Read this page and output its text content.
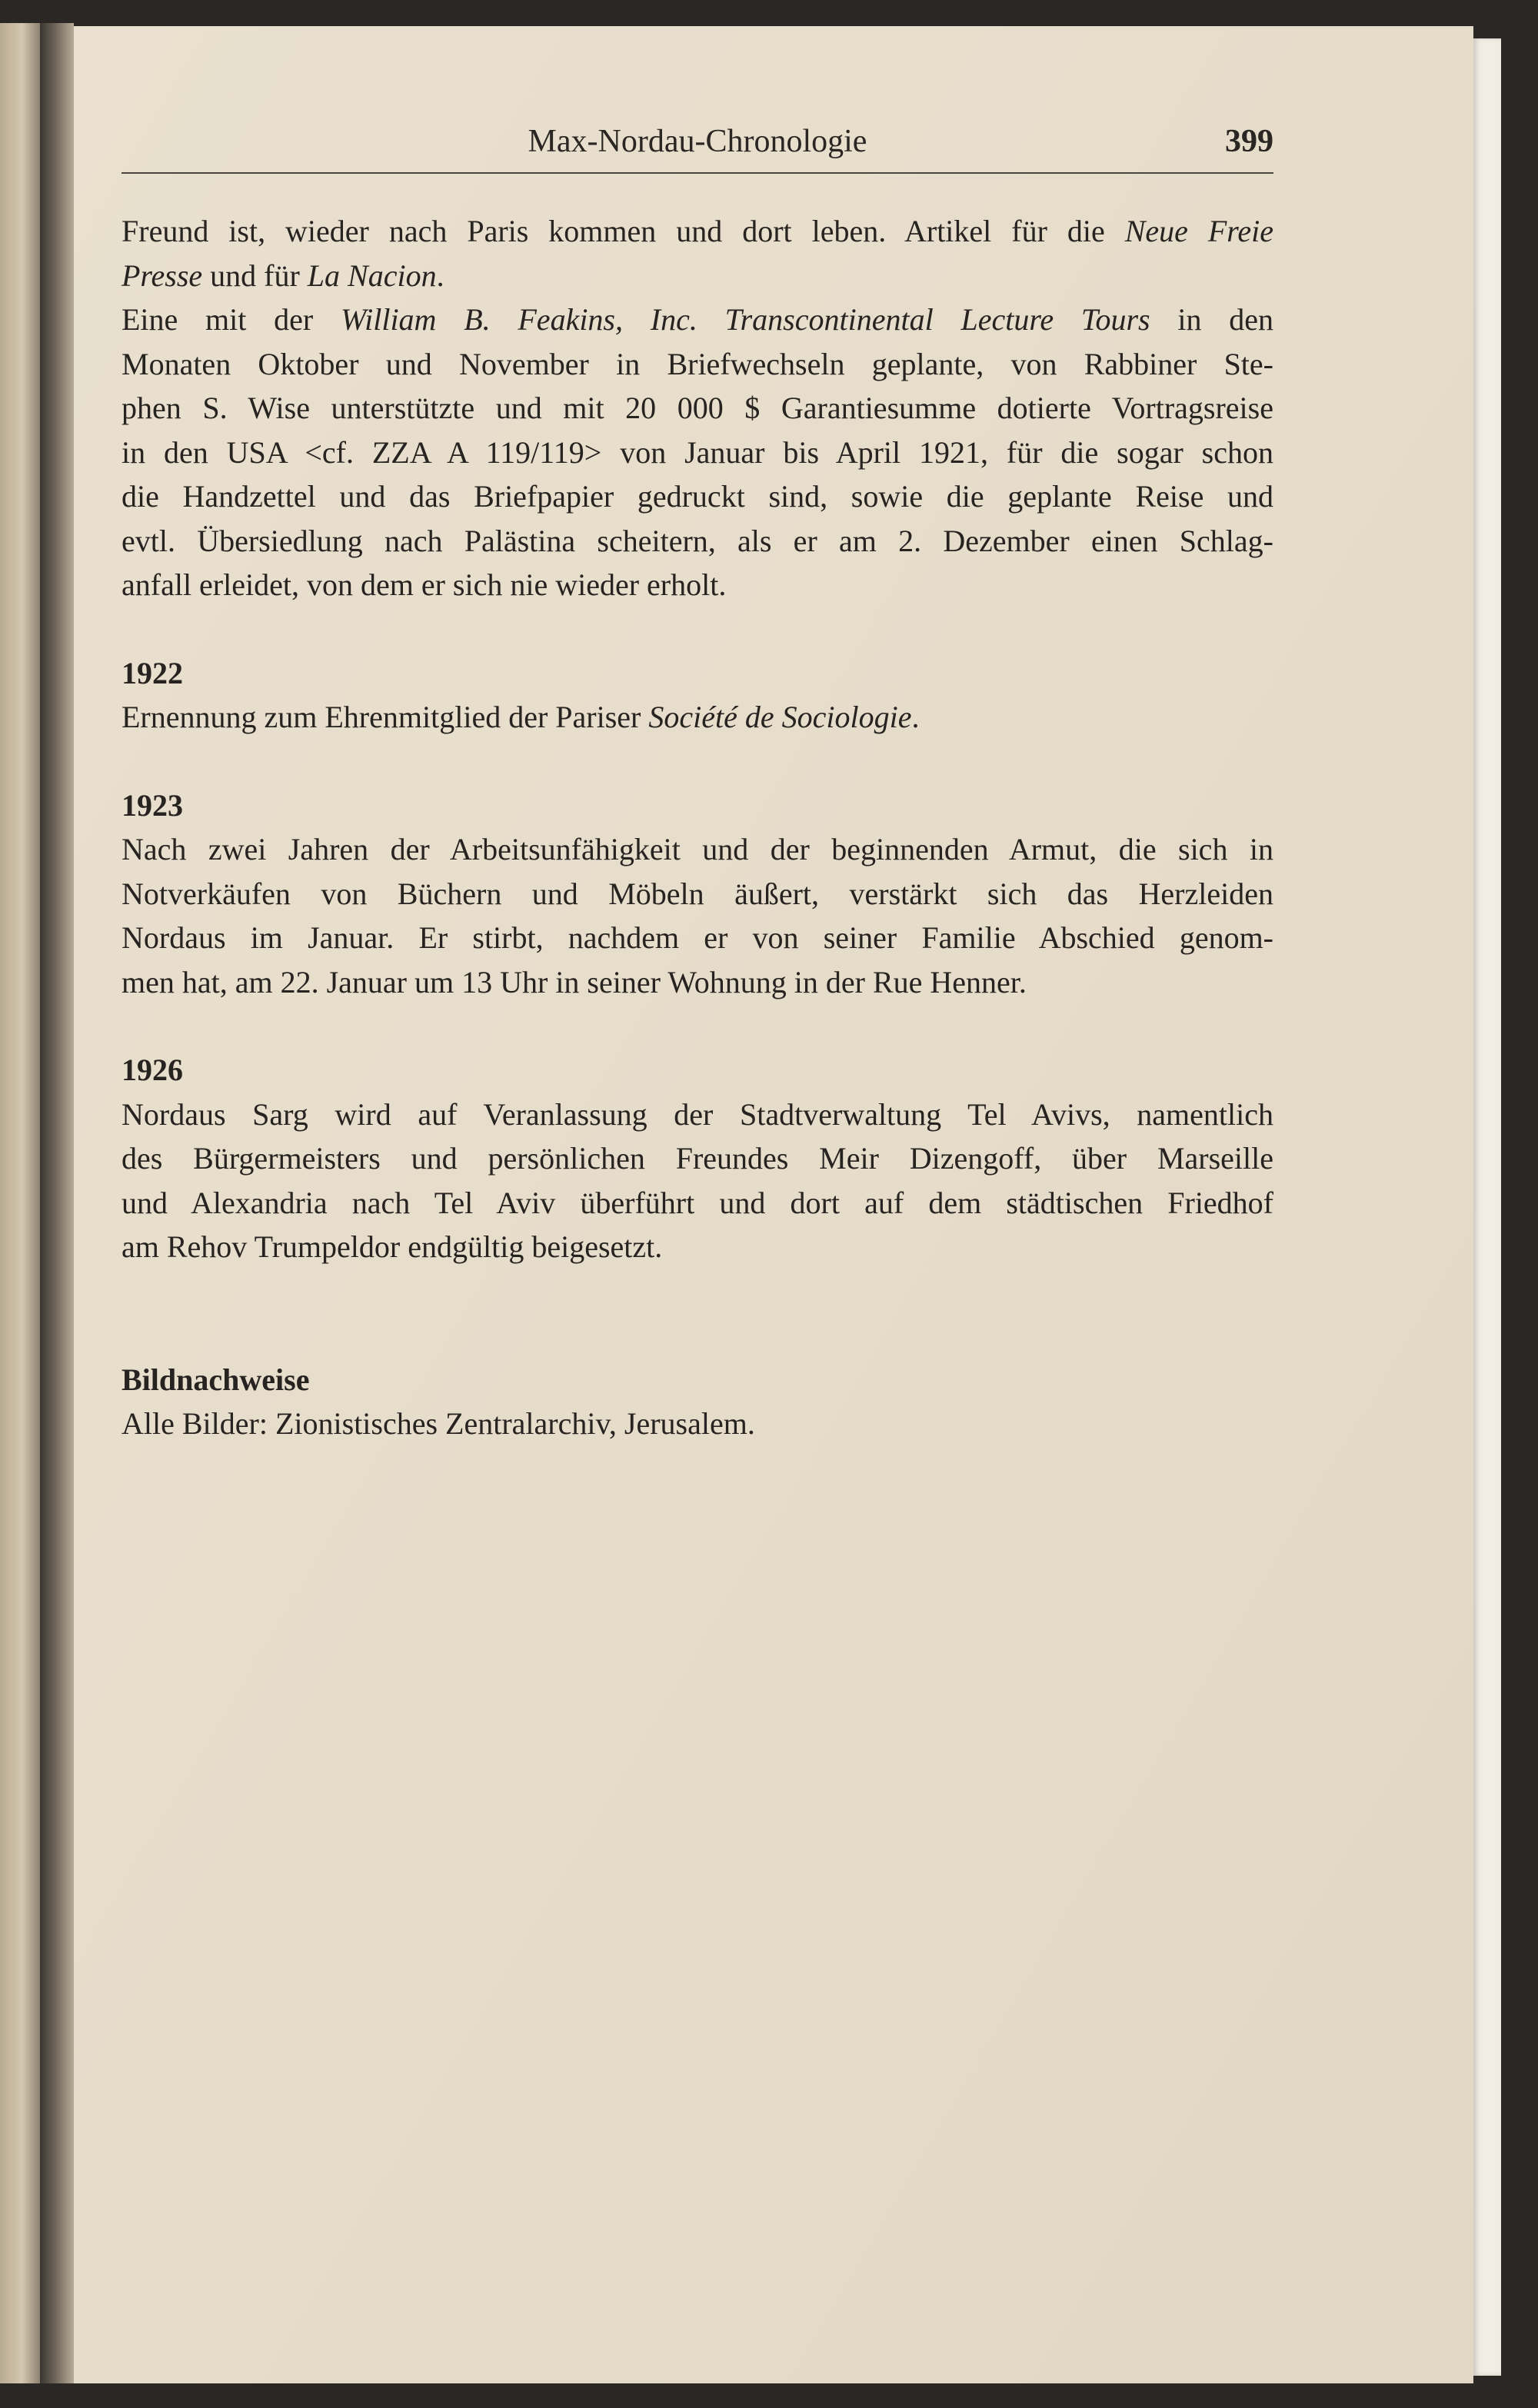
Max-Nordau-Chronologie	399
Freund ist, wieder nach Paris kommen und dort leben. Artikel für die Neue Freie
Presse und für La Nacion.
Eine mit der William B. Feakins, Inc. Transcontinental Lecture Tours in den
Monaten Oktober und November in Briefwechseln geplante, von Rabbiner Ste-
phen S. Wise unterstützte und mit 20 000 $ Garantiesumme dotierte Vortragsreise
in den USA <cf. ZZA A 119/119> von Januar bis April 1921, für die sogar schon
die Handzettel und das Briefpapier gedruckt sind, sowie die geplante Reise und
evtl. Übersiedlung nach Palästina scheitern, als er am 2. Dezember einen Schlag-
anfall erleidet, von dem er sich nie wieder erholt.
1922
Ernennung zum Ehrenmitglied der Pariser Société de Sociologie.
1923
Nach zwei Jahren der Arbeitsunfähigkeit und der beginnenden Armut, die sich in
Notverkäufen von Büchern und Möbeln äußert, verstärkt sich das Herzleiden
Nordaus im Januar. Er stirbt, nachdem er von seiner Familie Abschied genom-
men hat, am 22. Januar um 13 Uhr in seiner Wohnung in der Rue Henner.
1926
Nordaus Sarg wird auf Veranlassung der Stadtverwaltung Tel Avivs, namentlich
des Bürgermeisters und persönlichen Freundes Meir Dizengoff, über Marseille
und Alexandria nach Tel Aviv überführt und dort auf dem städtischen Friedhof
am Rehov Trumpeldor endgültig beigesetzt.
Bildnachweise
Alle Bilder: Zionistisches Zentralarchiv, Jerusalem.
